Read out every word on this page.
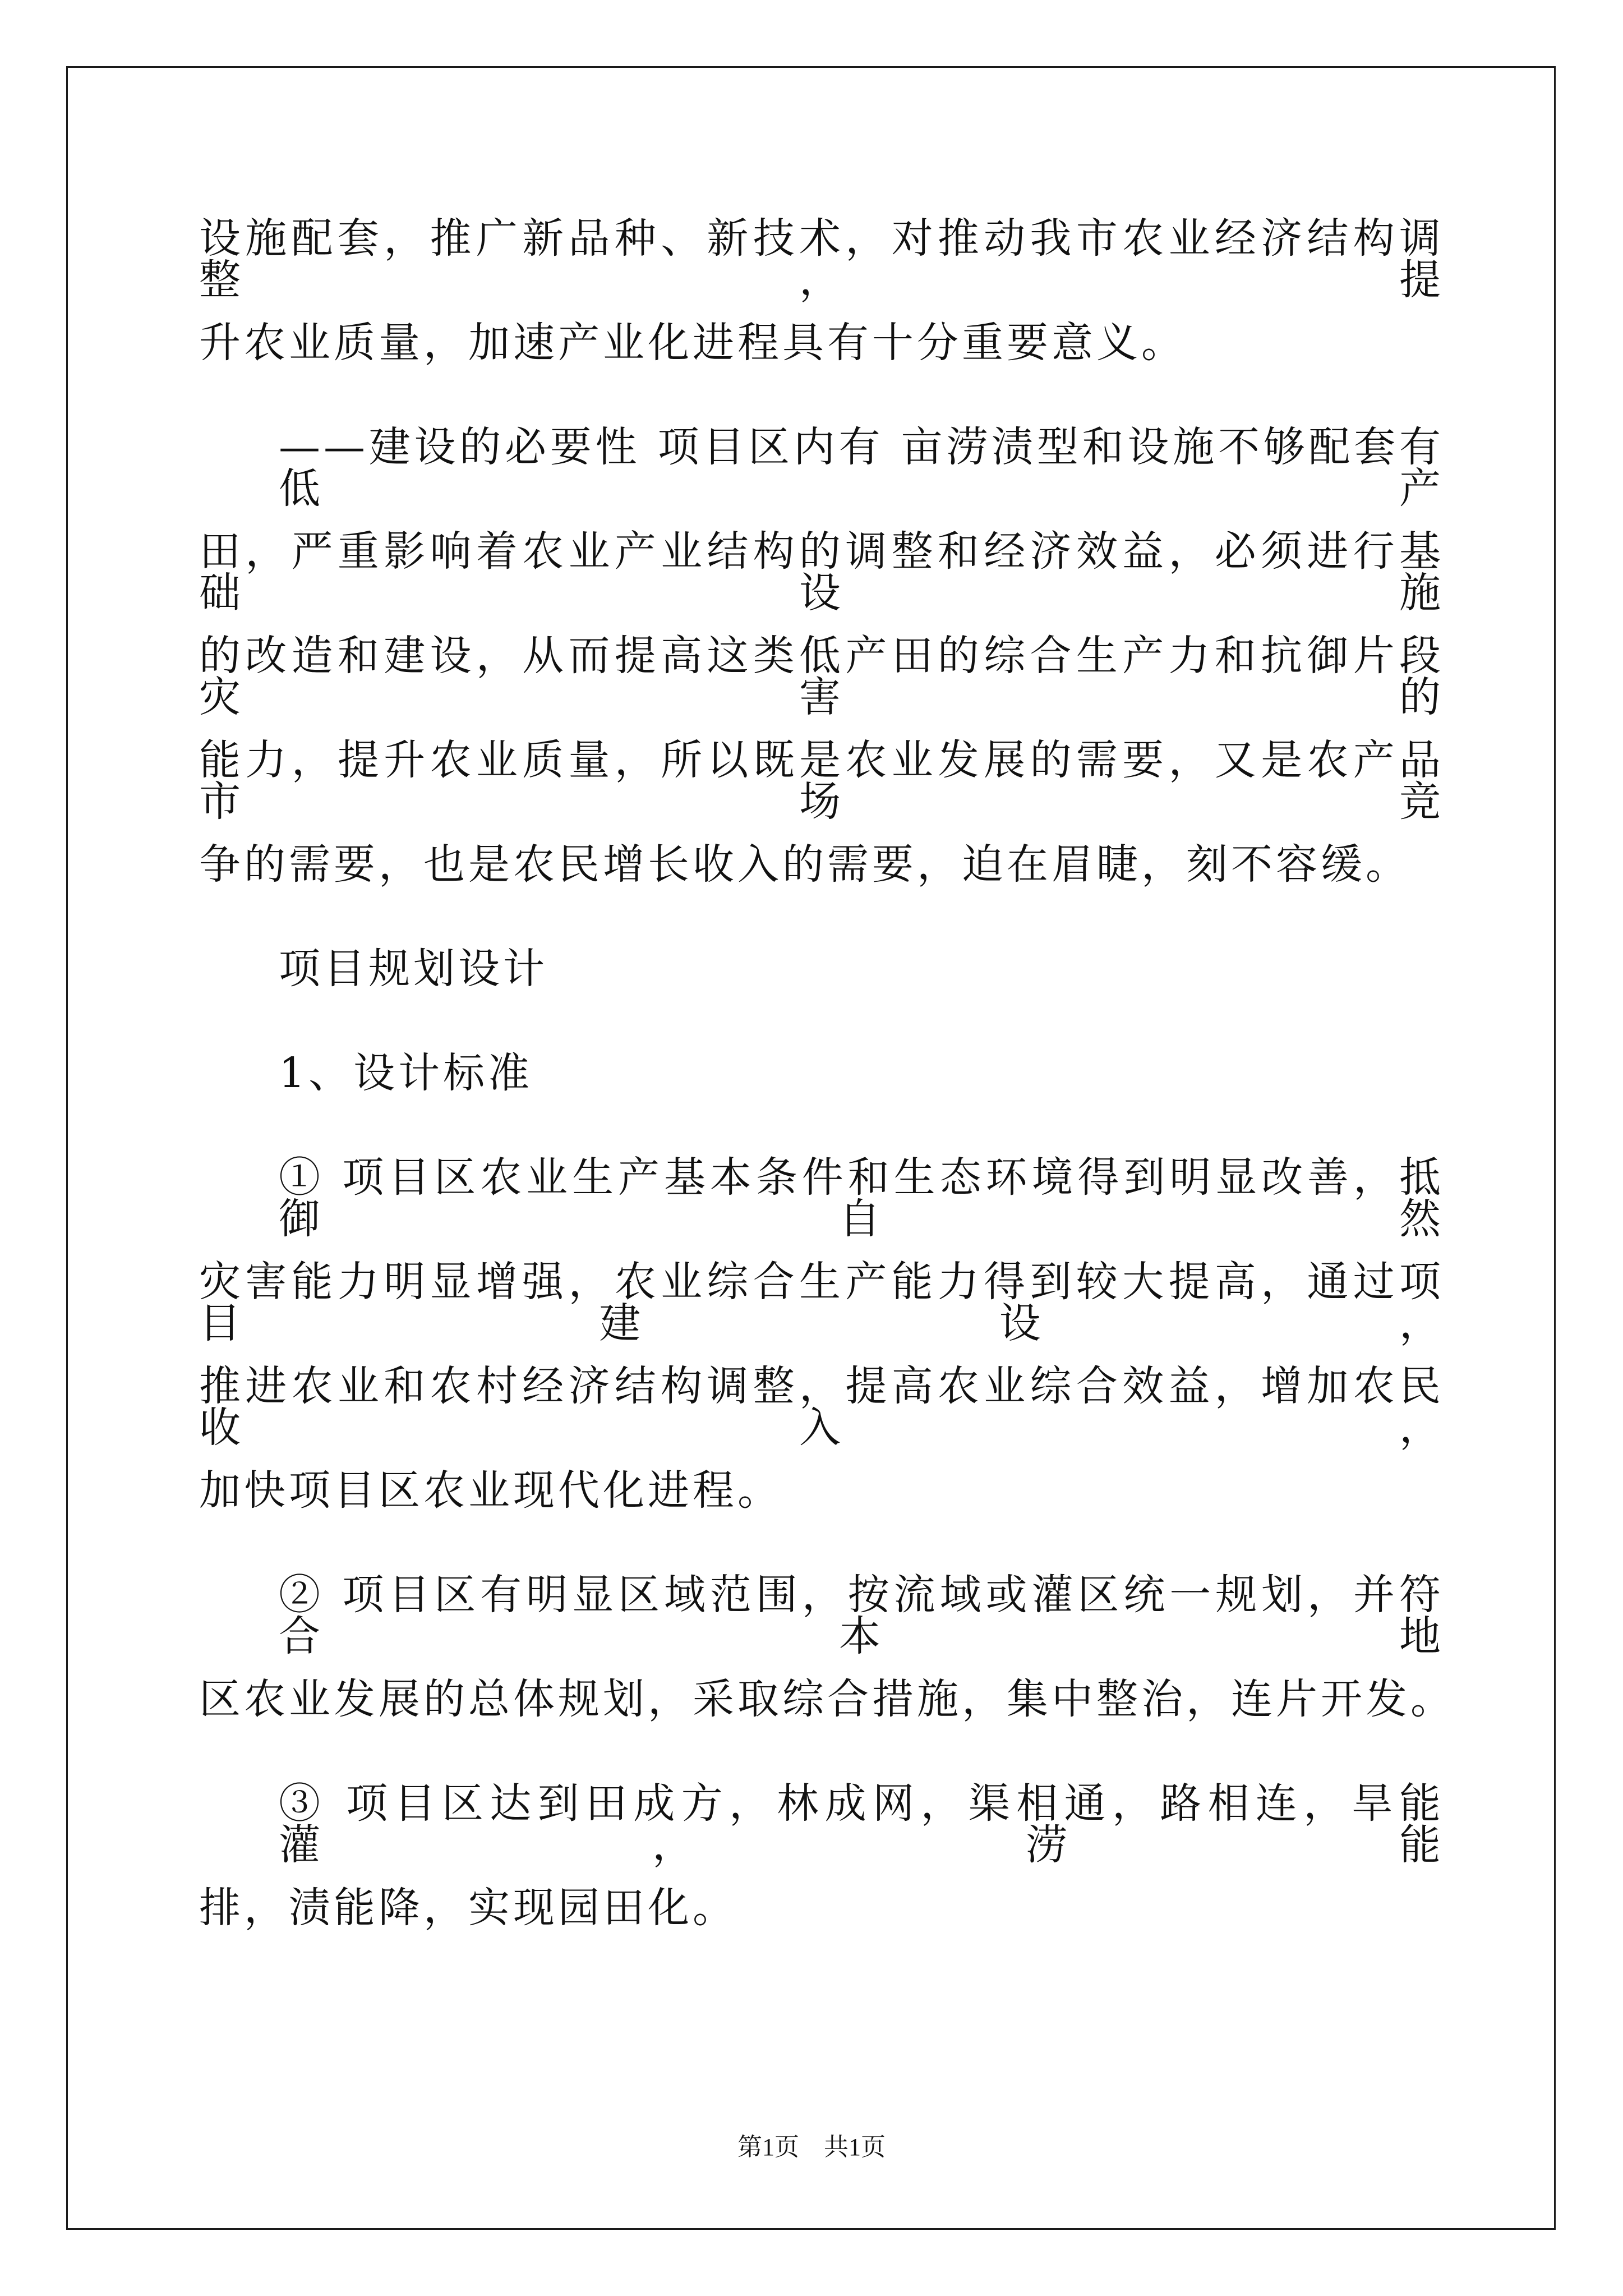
设施配套，推广新品种、新技术，对推动我市农业经济结构调整，提
升农业质量，加速产业化进程具有十分重要意义。
——建设的必要性 项目区内有 亩涝渍型和设施不够配套有低产
田，严重影响着农业产业结构的调整和经济效益，必须进行基础设施
的改造和建设，从而提高这类低产田的综合生产力和抗御片段灾害的
能力，提升农业质量，所以既是农业发展的需要，又是农产品市场竞
争的需要，也是农民增长收入的需要，迫在眉睫，刻不容缓。
项目规划设计
1、设计标准
① 项目区农业生产基本条件和生态环境得到明显改善，抵御自然
灾害能力明显增强，农业综合生产能力得到较大提高，通过项目建设，
推进农业和农村经济结构调整，提高农业综合效益，增加农民收入，
加快项目区农业现代化进程。
② 项目区有明显区域范围，按流域或灌区统一规划，并符合本地
区农业发展的总体规划，采取综合措施，集中整治，连片开发。
③ 项目区达到田成方，林成网，渠相通，路相连，旱能灌，涝能
排，渍能降，实现园田化。
第1页　共1页
